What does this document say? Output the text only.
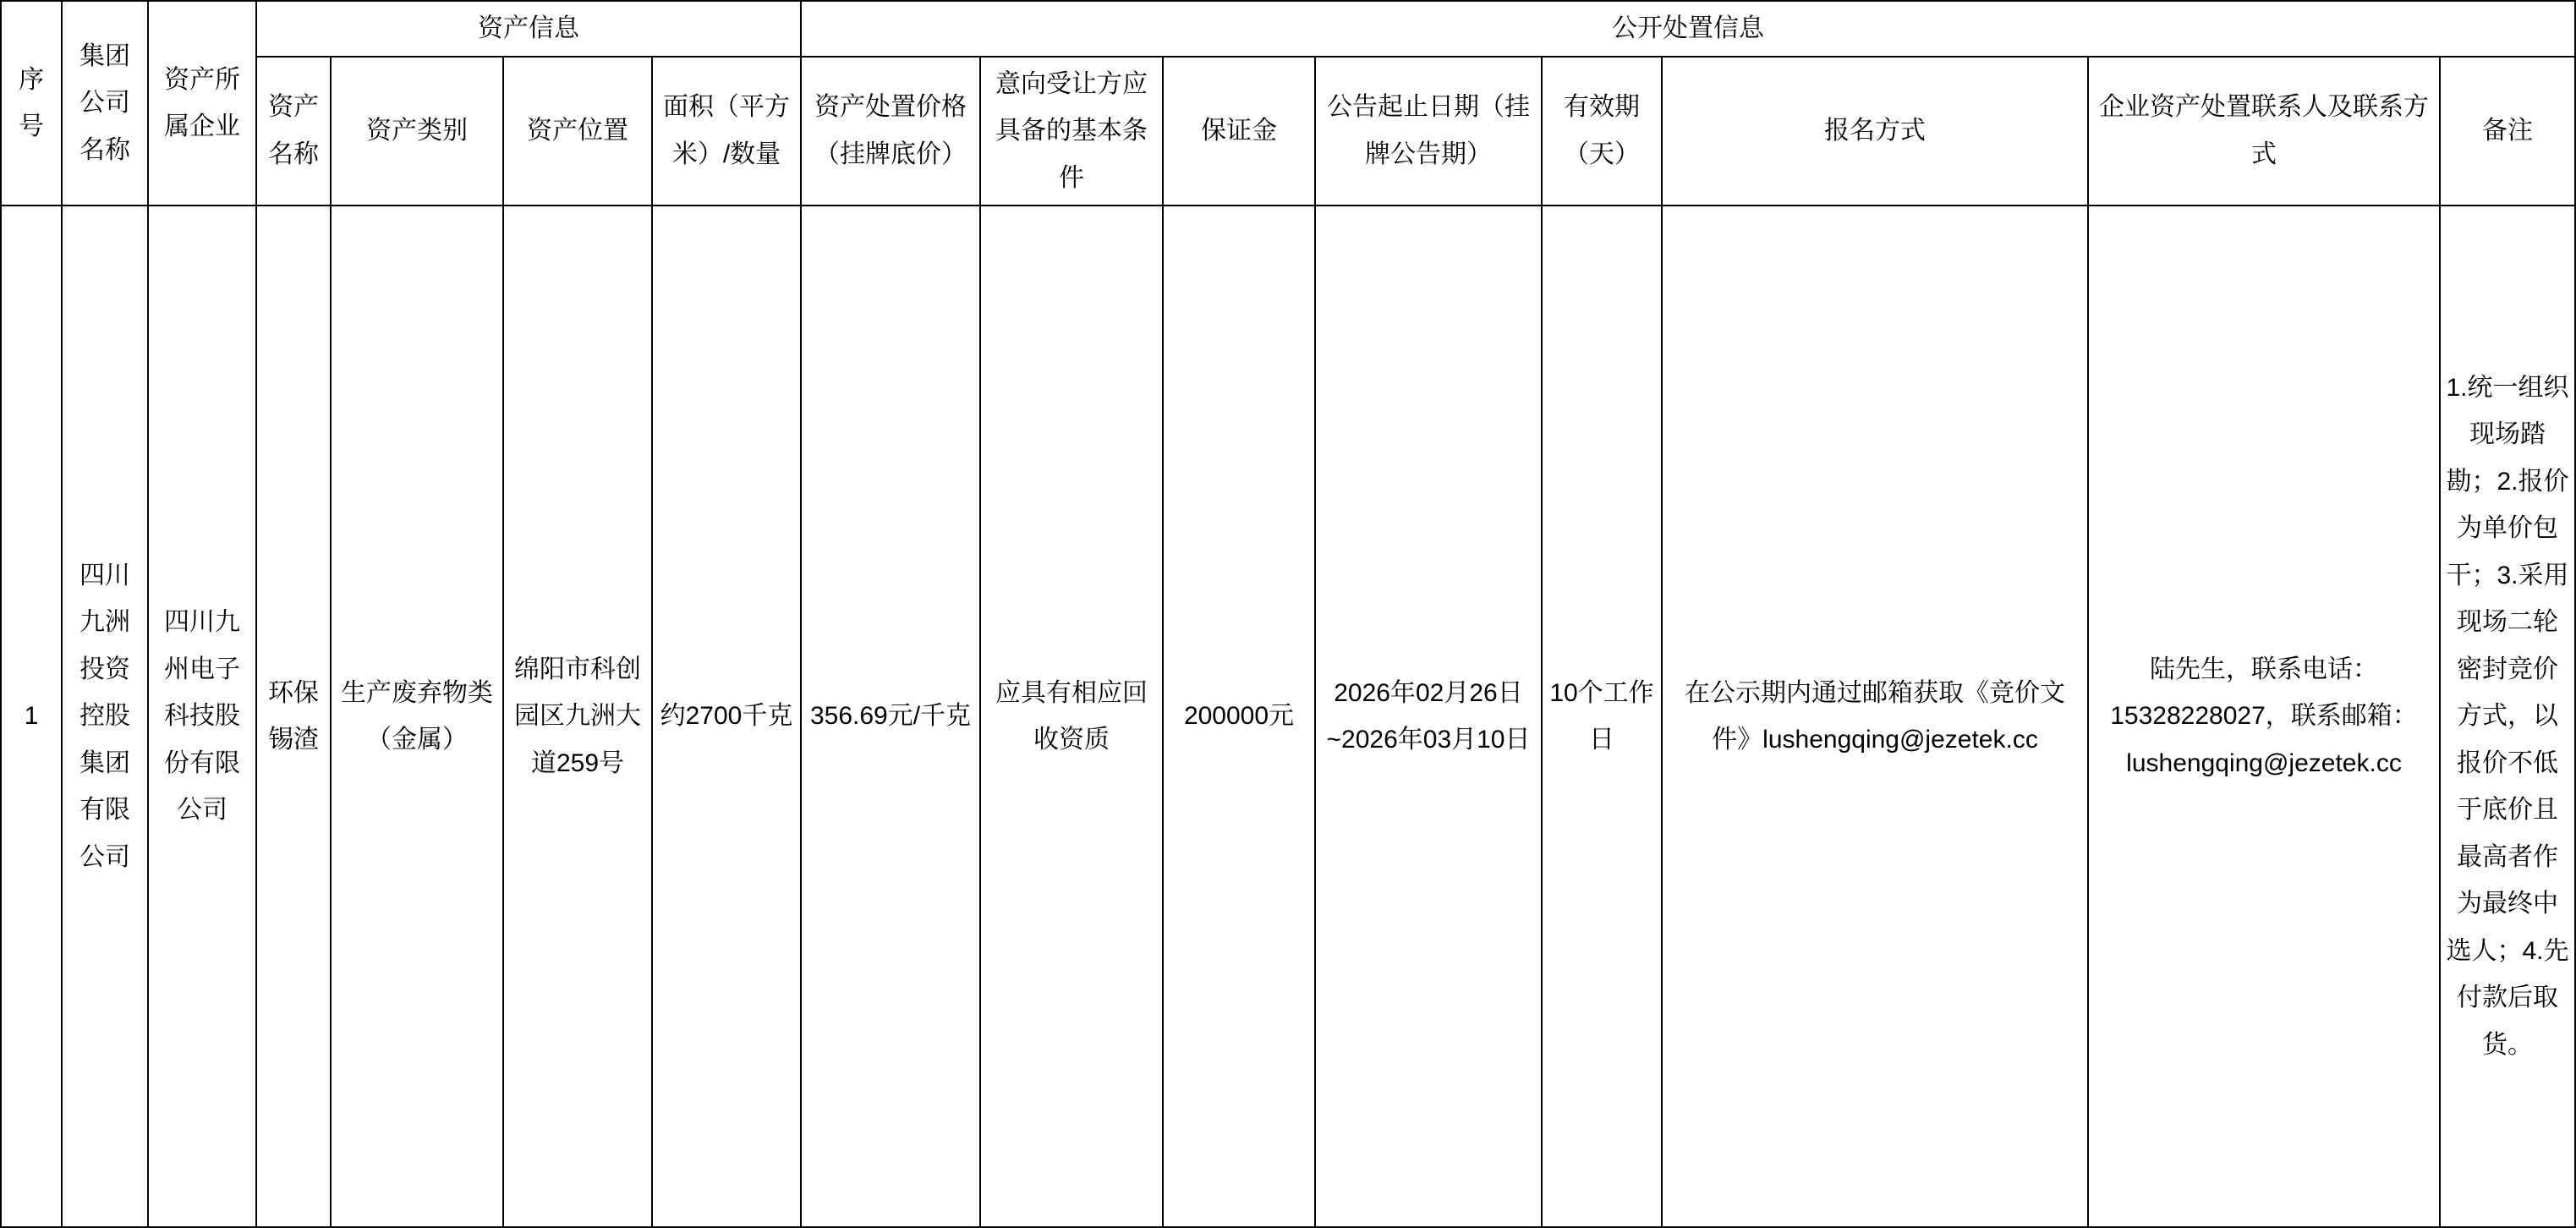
序号	集团公司名称	资产所属企业	资产信息				公开处置信息							
			资产名称	资产类别	资产位置	面积（平方米）/数量	资产处置价格（挂牌底价）	意向受让方应具备的基本条件	保证金	公告起止日期（挂牌公告期）	有效期（天）	报名方式	企业资产处置联系人及联系方式	备注
1	四川九洲投资控股集团有限公司	四川九州电子科技股份有限公司	环保锡渣	生产废弃物类（金属）	绵阳市科创园区九洲大道259号	约2700千克	356.69元/千克	应具有相应回收资质	200000元	2026年02月26日~2026年03月10日	10个工作日	在公示期内通过邮箱获取《竞价文件》lushengqing@jezetek.cc	陆先生，联系电话：15328228027，联系邮箱：lushengqing@jezetek.cc	1.统一组织现场踏勘；2.报价为单价包干；3.采用现场二轮密封竞价方式，以报价不低于底价且最高者作为最终中选人；4.先付款后取货。
